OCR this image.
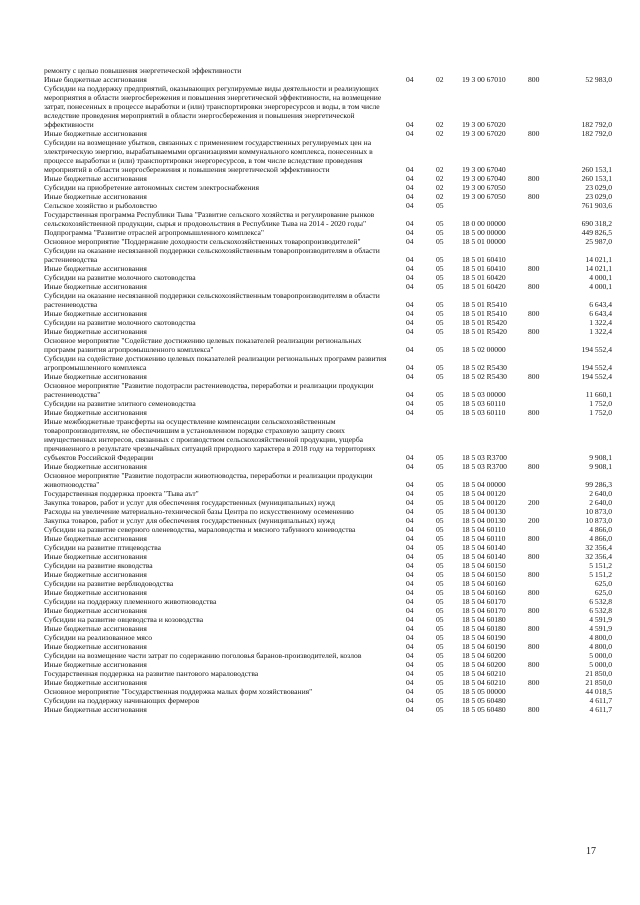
ремонту с целью повышения энергетической эффективности					
Иные бюджетные ассигнования	04	02	19 3 00 67010	800	52 983,0
Субсидии на поддержку предприятий, оказывающих регулируемые виды деятельности и реализующих мероприятия в области энергосбережения и повышения энергетической эффективности, на возмещение затрат, понесенных в процессе выработки и (или) транспортировки энергоресурсов и воды, в том числе вследствие проведения мероприятий в области энергосбережения и повышения энергетической эффективности	04	02	19 3 00 67020		182 792,0
Иные бюджетные ассигнования	04	02	19 3 00 67020	800	182 792,0
Субсидии на возмещение убытков, связанных с применением государственных регулируемых цен на электрическую энергию, вырабатываемыми организациями коммунального комплекса, понесенных в процессе выработки и (или) транспортировки энергоресурсов, в том числе вследствие проведения мероприятий в области энергосбережения и повышения энергетической эффективности	04	02	19 3 00 67040		260 153,1
Иные бюджетные ассигнования	04	02	19 3 00 67040	800	260 153,1
Субсидии на приобретение автономных систем электроснабжения	04	02	19 3 00 67050		23 029,0
Иные бюджетные ассигнования	04	02	19 3 00 67050	800	23 029,0
Сельское хозяйство и рыболовство	04	05			761 903,6
Государственная программа Республики Тыва "Развитие сельского хозяйства и регулирование рынков сельскохозяйственной продукции, сырья и продовольствия в Республике Тыва на 2014 - 2020 годы"	04	05	18 0 00 00000		690 318,2
Подпрограмма "Развитие отраслей агропромышленного комплекса"	04	05	18 5 00 00000		449 826,5
Основное мероприятие "Поддержание доходности сельскохозяйственных товаропроизводителей"	04	05	18 5 01 00000		25 987,0
Субсидии на оказание несвязанной поддержки сельскохозяйственным товаропроизводителям в области растениеводства	04	05	18 5 01 60410		14 021,1
Иные бюджетные ассигнования	04	05	18 5 01 60410	800	14 021,1
Субсидии на развитие молочного скотоводства	04	05	18 5 01 60420		4 000,1
Иные бюджетные ассигнования	04	05	18 5 01 60420	800	4 000,1
Субсидии на оказание несвязанной поддержки сельскохозяйственным товаропроизводителям в области растениеводства	04	05	18 5 01 R5410		6 643,4
Иные бюджетные ассигнования	04	05	18 5 01 R5410	800	6 643,4
Субсидии на развитие молочного скотоводства	04	05	18 5 01 R5420		1 322,4
Иные бюджетные ассигнования	04	05	18 5 01 R5420	800	1 322,4
Основное мероприятие "Содействие достижению целевых показателей реализации региональных программ развития агропромышленного комплекса"	04	05	18 5 02 00000		194 552,4
Субсидии на содействие достижению целевых показателей реализации региональных программ развития агропромышленного комплекса	04	05	18 5 02 R5430		194 552,4
Иные бюджетные ассигнования	04	05	18 5 02 R5430	800	194 552,4
Основное мероприятие "Развитие подотрасли растениеводства, переработки и реализации продукции растениеводства"	04	05	18 5 03 00000		11 660,1
Субсидии на развитие элитного семеноводства	04	05	18 5 03 60110		1 752,0
Иные бюджетные ассигнования	04	05	18 5 03 60110	800	1 752,0
Иные межбюджетные трансферты на осуществление компенсации сельскохозяйственным товаропроизводителям, не обеспечившим в установленном порядке страховую защиту своих имущественных интересов, связанных с производством сельскохозяйственной продукции, ущерба причиненного в результате чрезвычайных ситуаций природного характера в 2018 году на территориях субъектов Российской Федерации	04	05	18 5 03 R3700		9 908,1
Иные бюджетные ассигнования	04	05	18 5 03 R3700	800	9 908,1
Основное мероприятие "Развитие подотрасли животноводства, переработки и реализации продукции животноводства"	04	05	18 5 04 00000		99 286,3
Государственная поддержка проекта "Тыва аът"	04	05	18 5 04 00120		2 640,0
Закупка товаров, работ и услуг для обеспечения государственных (муниципальных) нужд	04	05	18 5 04 00120	200	2 640,0
Расходы на увеличение материально-технической базы Центра по искусственному осеменению	04	05	18 5 04 00130		10 873,0
Закупка товаров, работ и услуг для обеспечения государственных (муниципальных) нужд	04	05	18 5 04 00130	200	10 873,0
Субсидии на развитие северного оленеводства, мараловодства и мясного табунного коневодства	04	05	18 5 04 60110		4 866,0
Иные бюджетные ассигнования	04	05	18 5 04 60110	800	4 866,0
Субсидии на развитие птицеводства	04	05	18 5 04 60140		32 356,4
Иные бюджетные ассигнования	04	05	18 5 04 60140	800	32 356,4
Субсидии на развитие яководства	04	05	18 5 04 60150		5 151,2
Иные бюджетные ассигнования	04	05	18 5 04 60150	800	5 151,2
Субсидии на развитие верблюдоводства	04	05	18 5 04 60160		625,0
Иные бюджетные ассигнования	04	05	18 5 04 60160	800	625,0
Субсидии на поддержку племенного животноводства	04	05	18 5 04 60170		6 532,8
Иные бюджетные ассигнования	04	05	18 5 04 60170	800	6 532,8
Субсидии на развитие овцеводства и козоводства	04	05	18 5 04 60180		4 591,9
Иные бюджетные ассигнования	04	05	18 5 04 60180	800	4 591,9
Субсидии на реализованное мясо	04	05	18 5 04 60190		4 800,0
Иные бюджетные ассигнования	04	05	18 5 04 60190	800	4 800,0
Субсидии на возмещение части затрат по содержанию поголовья баранов-производителей, козлов	04	05	18 5 04 60200		5 000,0
Иные бюджетные ассигнования	04	05	18 5 04 60200	800	5 000,0
Государственная поддержка на развитие пантового мараловодства	04	05	18 5 04 60210		21 850,0
Иные бюджетные ассигнования	04	05	18 5 04 60210	800	21 850,0
Основное мероприятие "Государственная поддержка малых форм хозяйствования"	04	05	18 5 05 00000		44 018,5
Субсидии на поддержку начинающих фермеров	04	05	18 5 05 60480		4 611,7
Иные бюджетные ассигнования	04	05	18 5 05 60480	800	4 611,7
17
